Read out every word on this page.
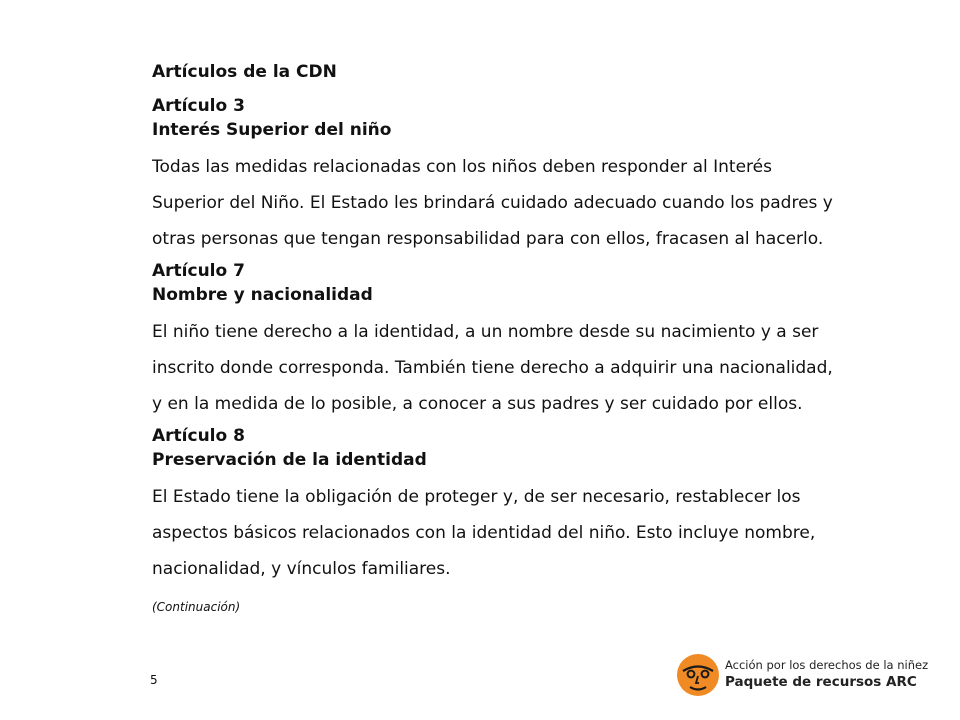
Artículos de la CDN
Artículo 3
Interés Superior del niño
Todas las medidas relacionadas con los niños deben responder al Interés
Superior del Niño. El Estado les brindará cuidado adecuado cuando los padres y
otras personas que tengan responsabilidad para con ellos, fracasen al hacerlo.
Artículo 7
Nombre y nacionalidad
El niño tiene derecho a la identidad, a un nombre desde su nacimiento y a ser
inscrito donde corresponda. También tiene derecho a adquirir una nacionalidad,
y en la medida de lo posible, a conocer a sus padres y ser cuidado por ellos.
Artículo 8
Preservación de la identidad
El Estado tiene la obligación de proteger y, de ser necesario, restablecer los
aspectos básicos relacionados con la identidad del niño. Esto incluye nombre,
nacionalidad, y vínculos familiares.
(Continuación)
5
Acción por los derechos de la niñez
Paquete de recursos ARC
